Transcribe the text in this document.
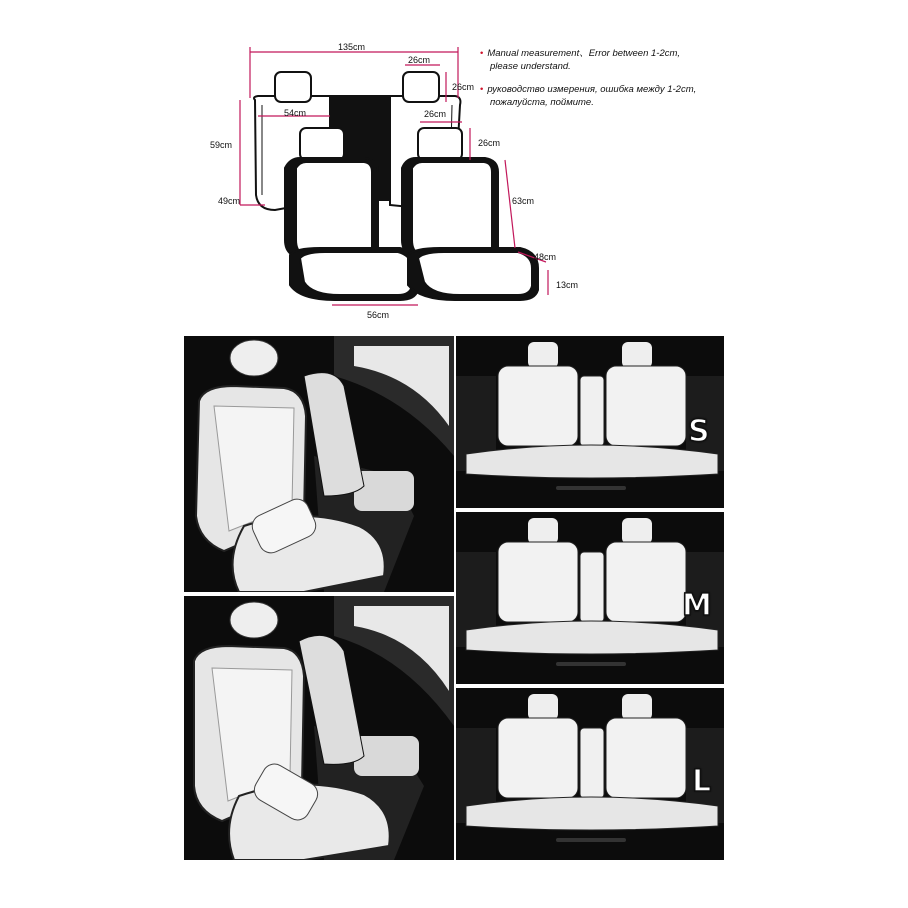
135cm
26cm
26cm
54cm	26cm
26cm
59cm
49cm	63cm
48cm
13cm
56cm
• Manual measurement、Error between 1-2cm,
please understand.
• руководство измерения, ошибка между 1-2cm,
пожалуйста, поймите.
S
M
L
